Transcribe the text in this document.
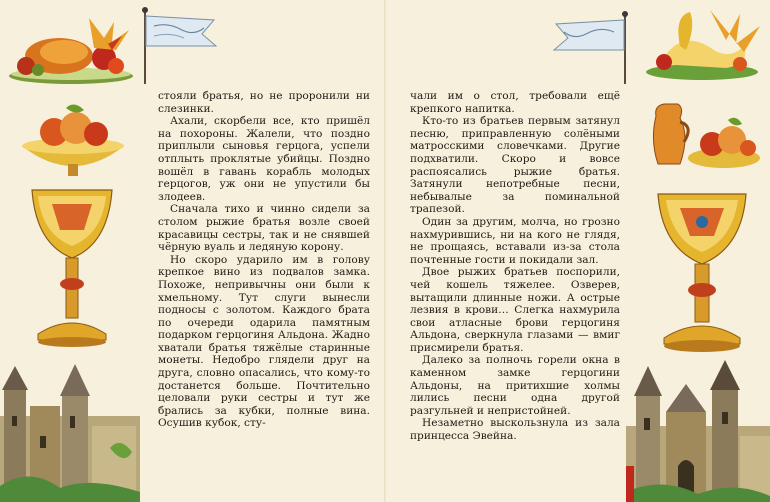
стояли братья, но не проронили ни слезинки.

Ахали, скорбели все, кто пришёл на похороны. Жалели, что поздно приплыли сыновья герцога, успели отплыть проклятые убийцы. Поздно вошёл в гавань корабль молодых герцогов, уж они не упустили бы злодеев.

Сначала тихо и чинно сидели за столом рыжие братья возле своей красавицы сестры, так и не снявшей чёрную вуаль и ледяную корону.

Но скоро ударило им в голову крепкое вино из подвалов замка. Похоже, непривычны они были к хмельному. Тут слуги вынесли подносы с золотом. Каждого брата по очереди одарила памятным подарком герцогиня Альдона. Жадно хватали братья тяжёлые старинные монеты. Недобро глядели друг на друга, словно опасались, что кому-то достанется больше. Почтительно целовали руки сестры и тут же брались за кубки, полные вина. Осушив кубок, сту-

чали им о стол, требовали ещё крепкого напитка.

Кто-то из братьев первым затянул песню, приправленную солёными матросскими словечками. Другие подхватили. Скоро и вовсе распоясались рыжие братья. Затянули непотребные песни, небывалые за поминальной трапезой.

Один за другим, молча, но грозно нахмурившись, ни на кого не глядя, не прощаясь, вставали из-за стола почтенные гости и покидали зал.

Двое рыжих братьев поспорили, чей кошель тяжелее. Озверев, вытащили длинные ножи. А острые лезвия в крови… Слегка нахмурила свои атласные брови герцогиня Альдона, сверкнула глазами — вмиг присмирели братья.

Далеко за полночь горели окна в каменном замке герцогини Альдоны, на притихшие холмы лились песни одна другой разгульней и непристойней.

Незаметно выскользнула из зала принцесса Эвейна.
